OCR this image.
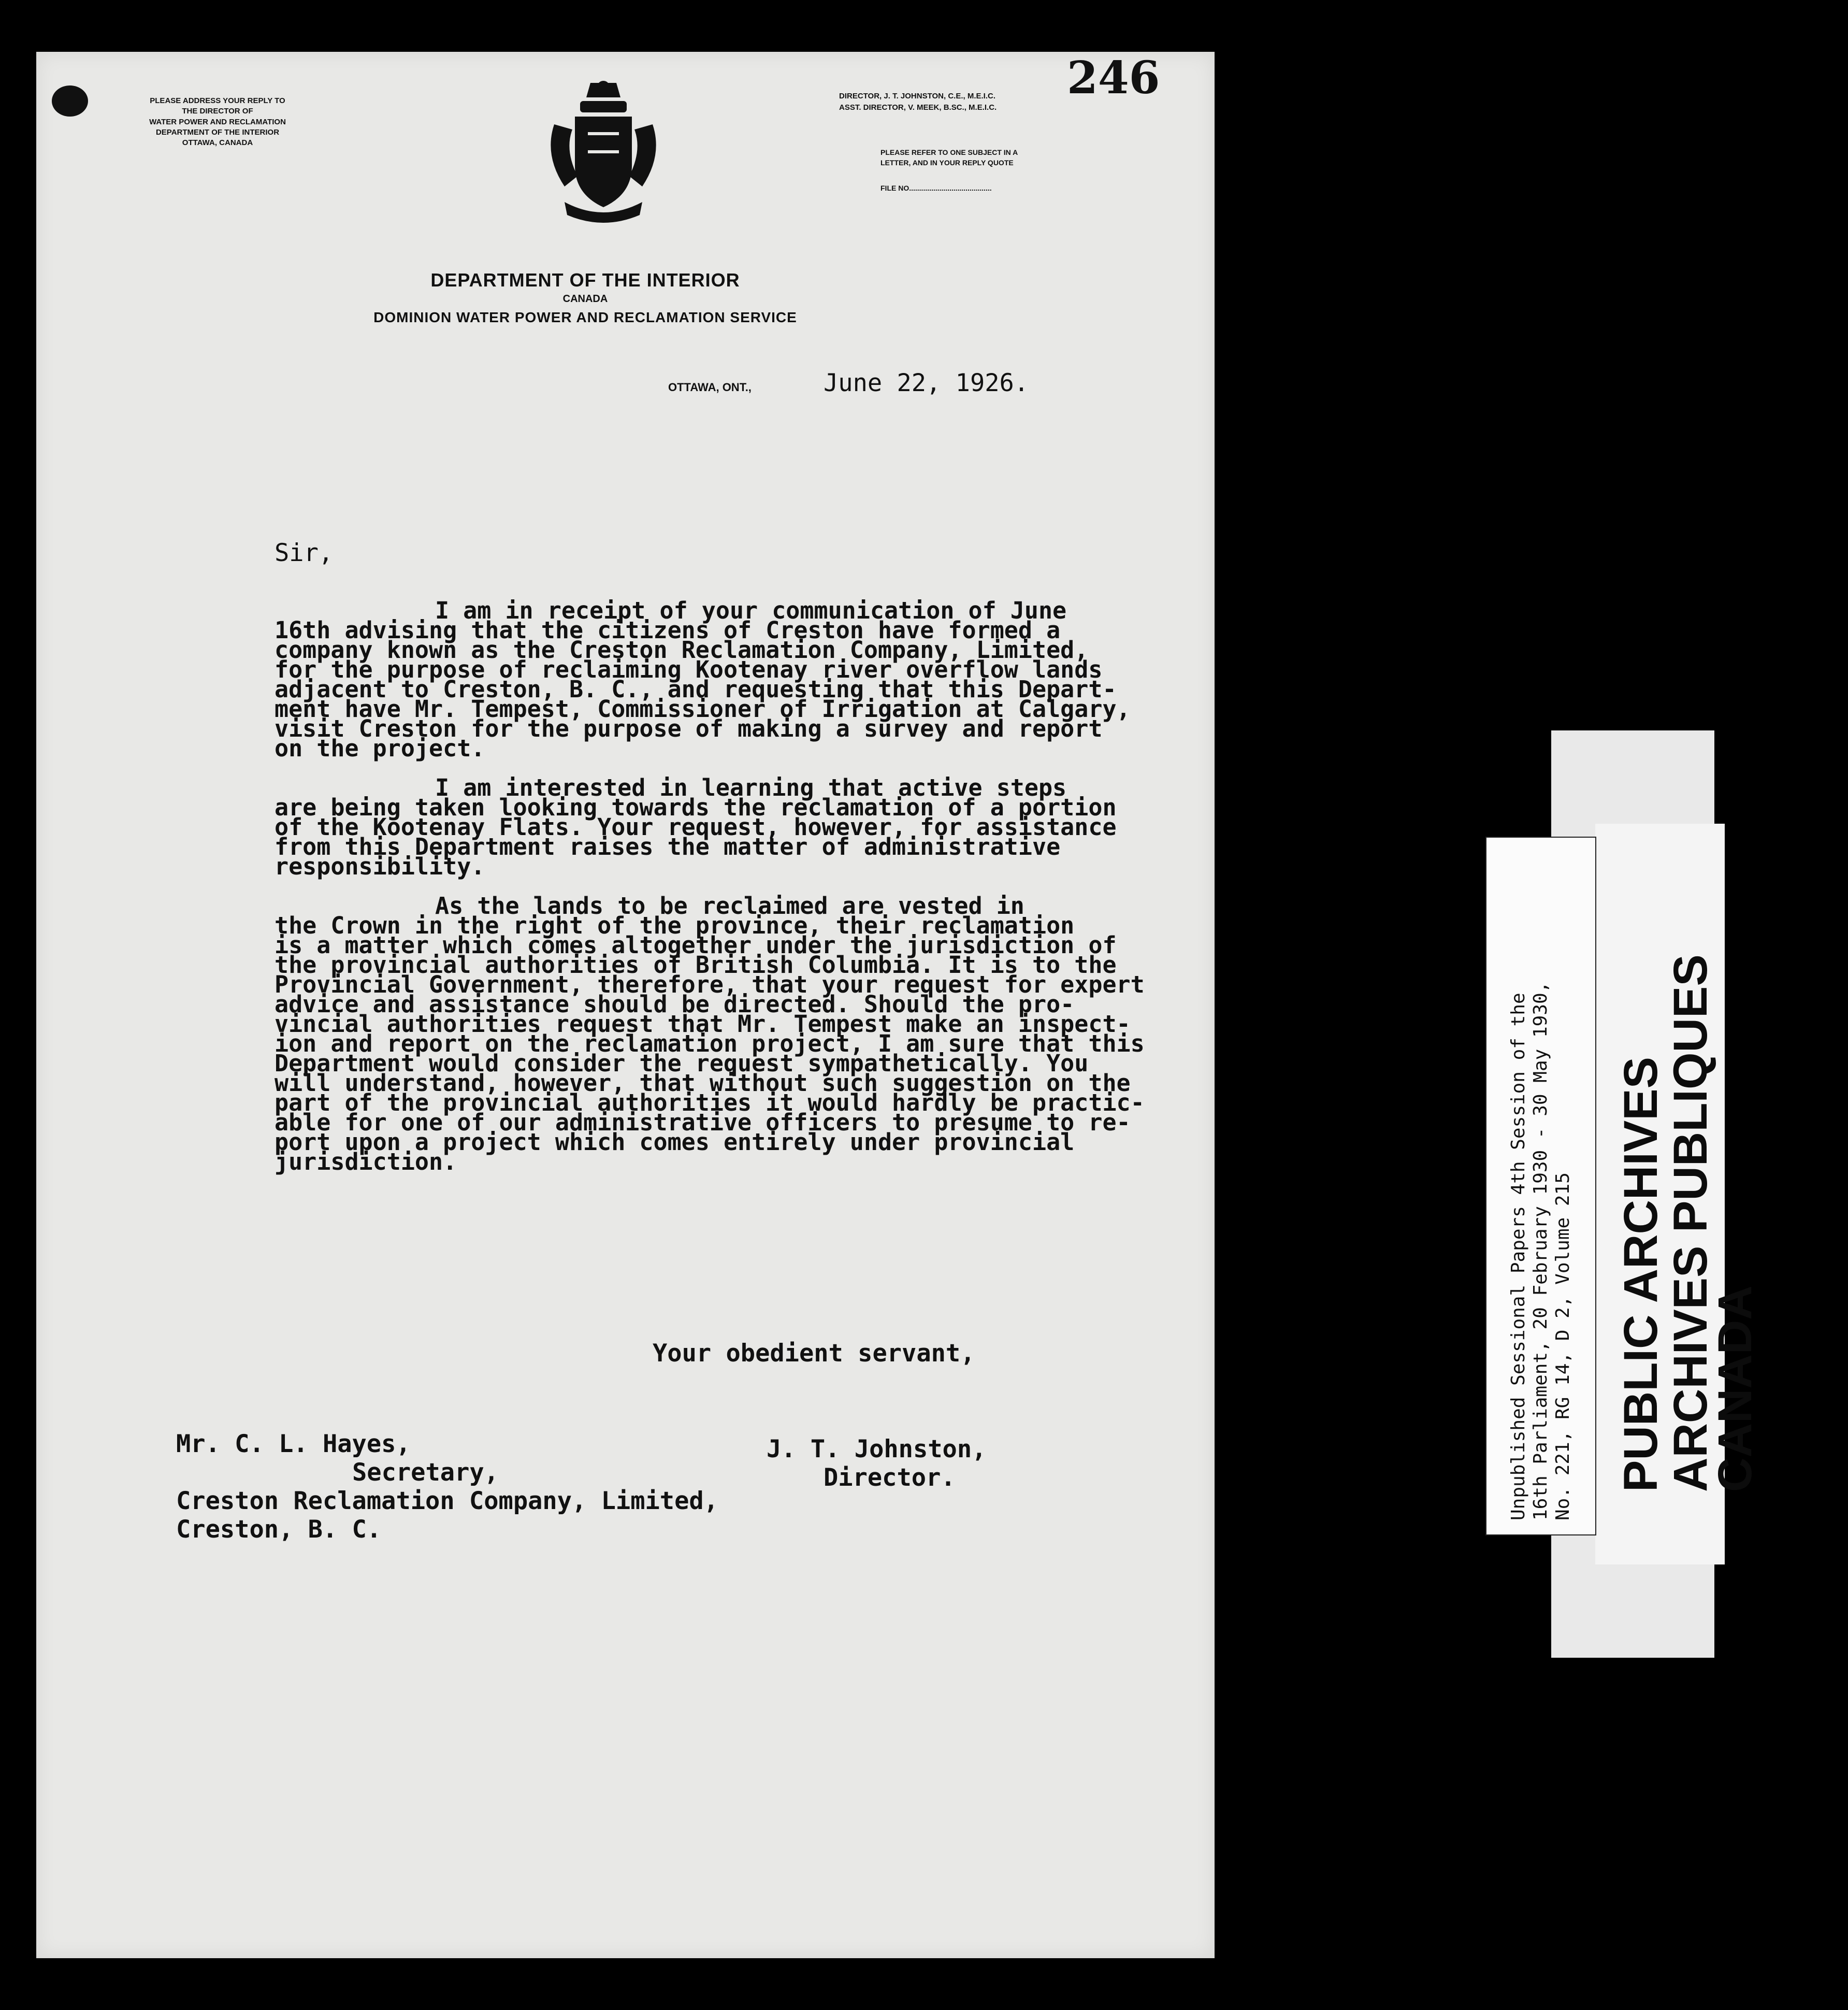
PLEASE ADDRESS YOUR REPLY TO
THE DIRECTOR OF
WATER POWER AND RECLAMATION
DEPARTMENT OF THE INTERIOR
OTTAWA, CANADA
246
DIRECTOR, J. T. JOHNSTON, C.E., M.E.I.C.
ASST. DIRECTOR, V. MEEK, B.SC., M.E.I.C.
PLEASE REFER TO ONE SUBJECT IN A
LETTER, AND IN YOUR REPLY QUOTE
FILE NO.........................................
DEPARTMENT OF THE INTERIOR
CANADA
DOMINION WATER POWER AND RECLAMATION SERVICE
OTTAWA, ONT.,	June 22, 1926.
Sir,

I am in receipt of your communication of June
16th advising that the citizens of Creston have formed a
company known as the Creston Reclamation Company, Limited,
for the purpose of reclaiming Kootenay river overflow lands
adjacent to Creston, B. C., and requesting that this Depart-
ment have Mr. Tempest, Commissioner of Irrigation at Calgary,
visit Creston for the purpose of making a survey and report
on the project.

I am interested in learning that active steps
are being taken looking towards the reclamation of a portion
of the Kootenay Flats. Your request, however, for assistance
from this Department raises the matter of administrative
responsibility.

As the lands to be reclaimed are vested in
the Crown in the right of the province, their reclamation
is a matter which comes altogether under the jurisdiction of
the provincial authorities of British Columbia. It is to the
Provincial Government, therefore, that your request for expert
advice and assistance should be directed. Should the pro-
vincial authorities request that Mr. Tempest make an inspect-
ion and report on the reclamation project, I am sure that this
Department would consider the request sympathetically. You
will understand, however, that without such suggestion on the
part of the provincial authorities it would hardly be practic-
able for one of our administrative officers to presume to re-
port upon a project which comes entirely under provincial
jurisdiction.

Your obedient servant,
Mr. C. L. Hayes,
Secretary,
Creston Reclamation Company, Limited,
Creston, B. C.
J. T. Johnston,
Director.	PUBLIC ARCHIVES
ARCHIVES PUBLIQUES
CANADA
Unpublished Sessional Papers 4th Session of the 16th Parliament, 20 February 1930 - 30 May 1930, No. 221, RG 14, D 2, Volume 215
